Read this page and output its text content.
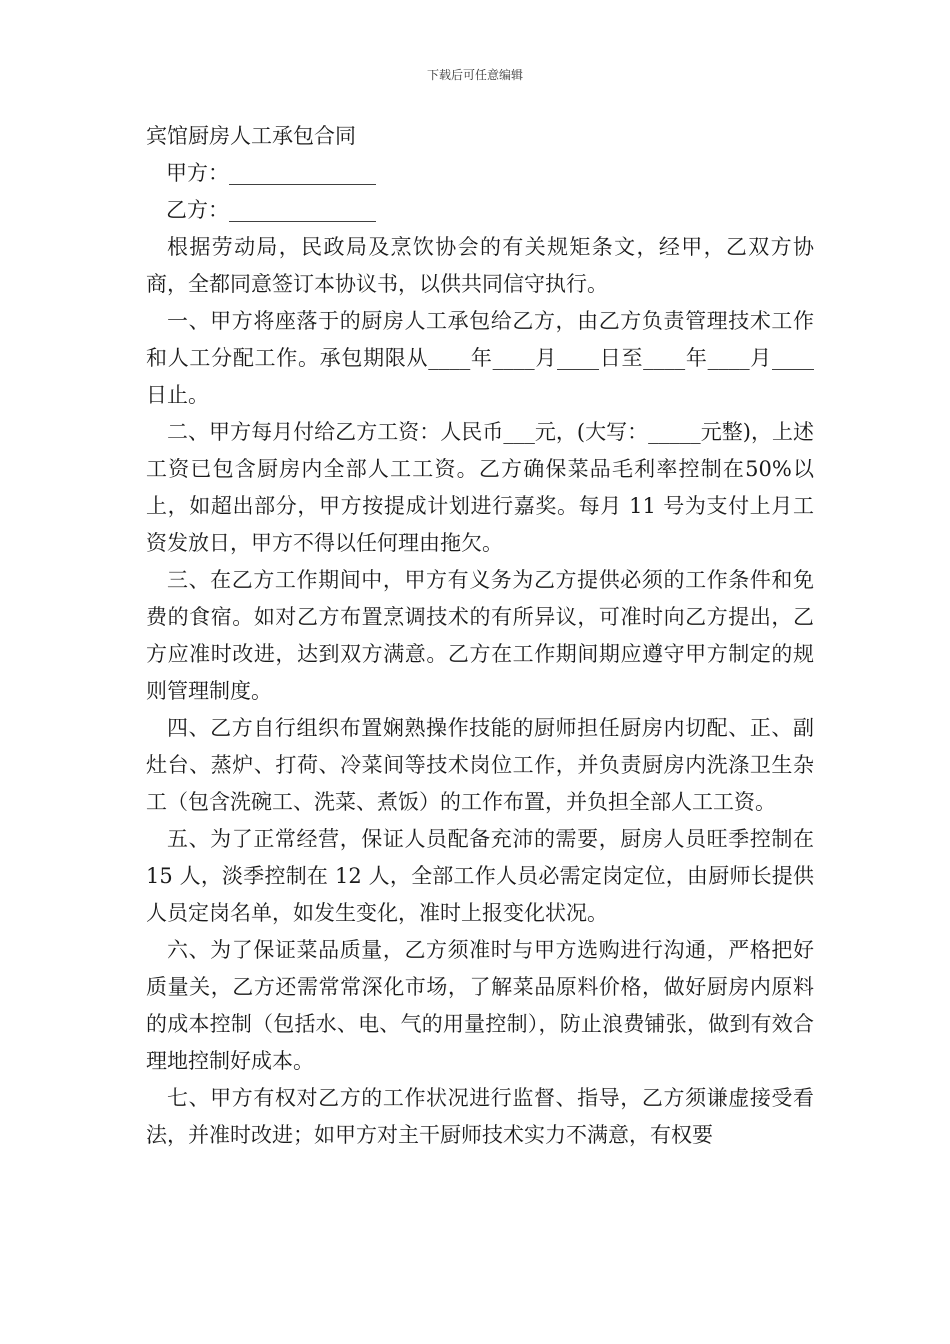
下载后可任意编辑

宾馆厨房人工承包合同

甲方：______________

乙方：______________

根据劳动局，民政局及烹饮协会的有关规矩条文，经甲，乙双方协商，全都同意签订本协议书，以供共同信守执行。

一、甲方将座落于的厨房人工承包给乙方，由乙方负责管理技术工作和人工分配工作。承包期限从____年____月____日至____年____月____日止。

二、甲方每月付给乙方工资：人民币___元，(大写：_____元整)，上述工资已包含厨房内全部人工工资。乙方确保菜品毛利率控制在50%以上，如超出部分，甲方按提成计划进行嘉奖。每月 11 号为支付上月工资发放日，甲方不得以任何理由拖欠。

三、在乙方工作期间中，甲方有义务为乙方提供必须的工作条件和免费的食宿。如对乙方布置烹调技术的有所异议，可准时向乙方提出，乙方应准时改进，达到双方满意。乙方在工作期间期应遵守甲方制定的规则管理制度。

四、乙方自行组织布置娴熟操作技能的厨师担任厨房内切配、正、副灶台、蒸炉、打荷、冷菜间等技术岗位工作，并负责厨房内洗涤卫生杂工（包含洗碗工、洗菜、煮饭）的工作布置，并负担全部人工工资。

五、为了正常经营，保证人员配备充沛的需要，厨房人员旺季控制在 15 人，淡季控制在 12 人，全部工作人员必需定岗定位，由厨师长提供人员定岗名单，如发生变化，准时上报变化状况。

六、为了保证菜品质量，乙方须准时与甲方选购进行沟通，严格把好质量关，乙方还需常常深化市场，了解菜品原料价格，做好厨房内原料的成本控制（包括水、电、气的用量控制），防止浪费铺张，做到有效合理地控制好成本。

七、甲方有权对乙方的工作状况进行监督、指导，乙方须谦虚接受看法，并准时改进；如甲方对主干厨师技术实力不满意，有权要
